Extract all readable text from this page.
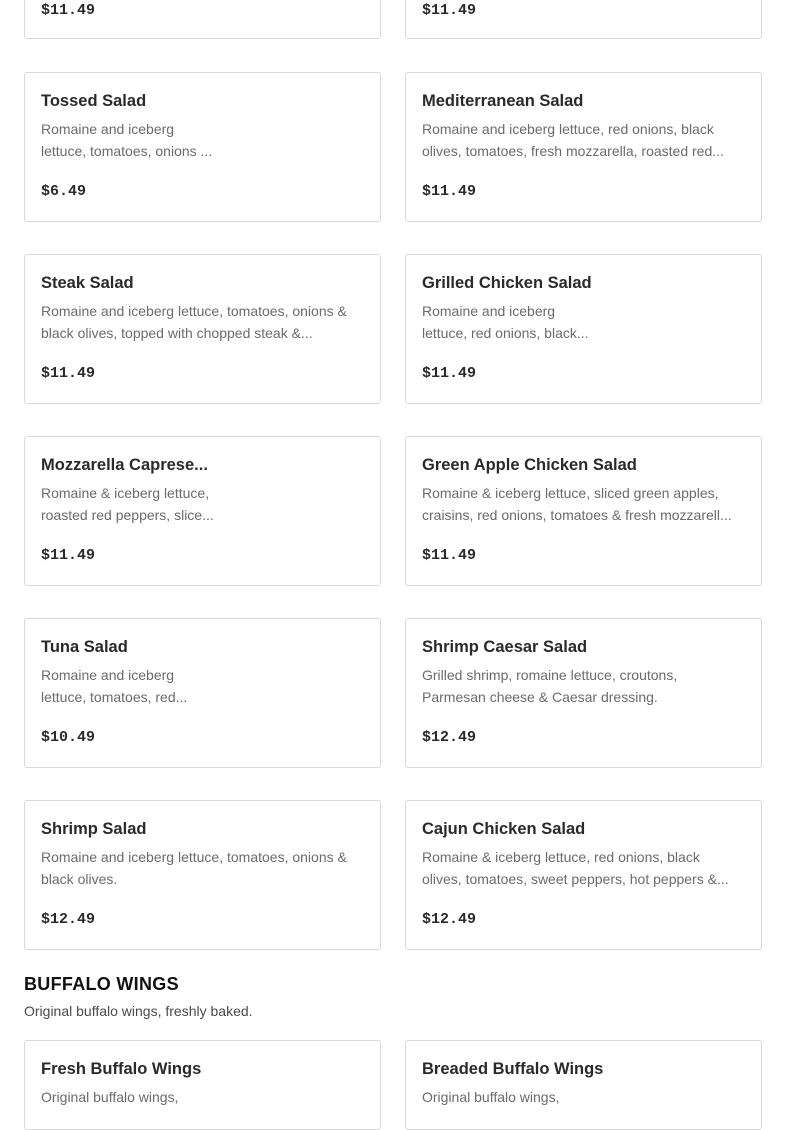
$11.49	$11.49
Tossed Salad
Romaine and iceberg
lettuce, tomatoes, onions ...
$6.49
Mediterranean Salad
Romaine and iceberg lettuce, red onions, black
olives, tomatoes, fresh mozzarella, roasted red...
$11.49
Steak Salad
Romaine and iceberg lettuce, tomatoes, onions &
black olives, topped with chopped steak &...
$11.49
Grilled Chicken Salad
Romaine and iceberg
lettuce, red onions, black...
$11.49
Mozzarella Caprese...
Romaine & iceberg lettuce,
roasted red peppers, slice...
$11.49
Green Apple Chicken Salad
Romaine & iceberg lettuce, sliced green apples,
craisins, red onions, tomatoes & fresh mozzarell...
$11.49
Tuna Salad
Romaine and iceberg
lettuce, tomatoes, red...
$10.49
Shrimp Caesar Salad
Grilled shrimp, romaine lettuce, croutons,
Parmesan cheese & Caesar dressing.
$12.49
Shrimp Salad
Romaine and iceberg lettuce, tomatoes, onions &
black olives.
$12.49
Cajun Chicken Salad
Romaine & iceberg lettuce, red onions, black
olives, tomatoes, sweet peppers, hot peppers &...
$12.49
BUFFALO WINGS
Original buffalo wings, freshly baked.
Fresh Buffalo Wings
Original buffalo wings,
Breaded Buffalo Wings
Original buffalo wings,
